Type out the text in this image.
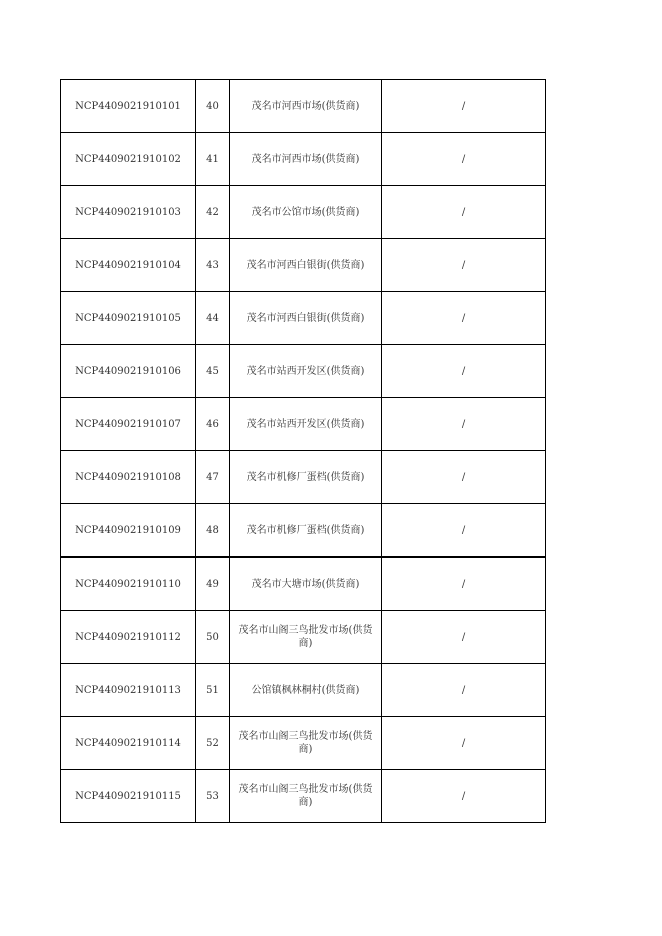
NCP4409021910101	40	茂名市河西市场(供货商)	/
NCP4409021910102	41	茂名市河西市场(供货商)	/
NCP4409021910103	42	茂名市公馆市场(供货商)	/
NCP4409021910104	43	茂名市河西白银街(供货商)	/
NCP4409021910105	44	茂名市河西白银街(供货商)	/
NCP4409021910106	45	茂名市站西开发区(供货商)	/
NCP4409021910107	46	茂名市站西开发区(供货商)	/
NCP4409021910108	47	茂名市机修厂蛋档(供货商)	/
NCP4409021910109	48	茂名市机修厂蛋档(供货商)	/
NCP4409021910110	49	茂名市大塘市场(供货商)	/
NCP4409021910112	50	茂名市山阁三鸟批发市场(供货商)	/
NCP4409021910113	51	公馆镇枫林桐村(供货商)	/
NCP4409021910114	52	茂名市山阁三鸟批发市场(供货商)	/
NCP4409021910115	53	茂名市山阁三鸟批发市场(供货商)	/
